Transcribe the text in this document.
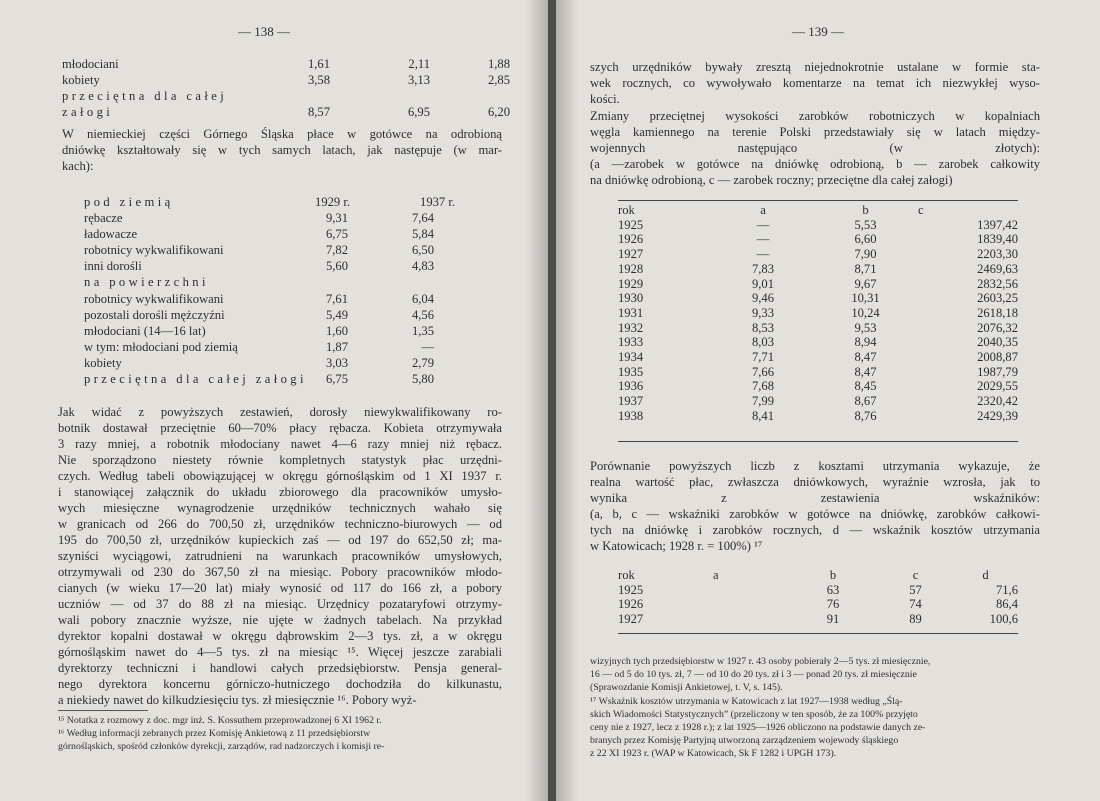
— 138 —
młodociani	1,61	2,11	1,88
kobiety	3,58	3,13	2,85
przeciętna dla całej
załogi	8,57	6,95	6,20
W niemieckiej części Górnego Śląska płace w gotówce na odrobioną
dniówkę kształtowały się w tych samych latach, jak następuje (w mar-
kach):
pod ziemią	1929 r.	1937 r.
rębacze	9,31	7,64
ładowacze	6,75	5,84
robotnicy wykwalifikowani	7,82	6,50
inni dorośli	5,60	4,83
na powierzchni
robotnicy wykwalifikowani	7,61	6,04
pozostali dorośli mężczyźni	5,49	4,56
młodociani (14—16 lat)	1,60	1,35
w tym: młodociani pod ziemią	1,87	—
kobiety	3,03	2,79
przeciętna dla całej załogi	6,75	5,80
Jak widać z powyższych zestawień, dorosły niewykwalifikowany ro-
botnik dostawał przeciętnie 60—70% płacy rębacza. Kobieta otrzymywała
3 razy mniej, a robotnik młodociany nawet 4—6 razy mniej niż rębacz.
Nie sporządzono niestety równie kompletnych statystyk płac urzędni-
czych. Według tabeli obowiązującej w okręgu górnośląskim od 1 XI 1937 r.
i stanowiącej załącznik do układu zbiorowego dla pracowników umysło-
wych miesięczne wynagrodzenie urzędników technicznych wahało się
w granicach od 266 do 700,50 zł, urzędników techniczno-biurowych — od
195 do 700,50 zł, urzędników kupieckich zaś — od 197 do 652,50 zł; ma-
szyniści wyciągowi, zatrudnieni na warunkach pracowników umysłowych,
otrzymywali od 230 do 367,50 zł na miesiąc. Pobory pracowników młodo-
cianych (w wieku 17—20 lat) miały wynosić od 117 do 166 zł, a pobory
uczniów — od 37 do 88 zł na miesiąc. Urzędnicy pozataryfowi otrzymy-
wali pobory znacznie wyższe, nie ujęte w żadnych tabelach. Na przykład
dyrektor kopalni dostawał w okręgu dąbrowskim 2—3 tys. zł, a w okręgu
górnośląskim nawet do 4—5 tys. zł na miesiąc ¹⁵. Więcej jeszcze zarabiali
dyrektorzy techniczni i handlowi całych przedsiębiorstw. Pensja general-
nego dyrektora koncernu górniczo-hutniczego dochodziła do kilkunastu,
a niekiedy nawet do kilkudziesięciu tys. zł miesięcznie ¹⁶. Pobory wyż-
¹⁵ Notatka z rozmowy z doc. mgr inż. S. Kossuthem przeprowadzonej 6 XI 1962 r.
¹⁶ Według informacji zebranych przez Komisję Ankietową z 11 przedsiębiorstw
górnośląskich, spośród członków dyrekcji, zarządów, rad nadzorczych i komisji re-
— 139 —
szych urzędników bywały zresztą niejednokrotnie ustalane w formie sta-
wek rocznych, co wywoływało komentarze na temat ich niezwykłej wyso-
kości.
Zmiany przeciętnej wysokości zarobków robotniczych w kopalniach
węgla kamiennego na terenie Polski przedstawiały się w latach między-
wojennych następująco (w złotych):
(a —zarobek w gotówce na dniówkę odrobioną, b — zarobek całkowity
na dniówkę odrobioną, c — zarobek roczny; przeciętne dla całej załogi)
rok	a	b	c
1925	—	5,53	1397,42
1926	—	6,60	1839,40
1927	—	7,90	2203,30
1928	7,83	8,71	2469,63
1929	9,01	9,67	2832,56
1930	9,46	10,31	2603,25
1931	9,33	10,24	2618,18
1932	8,53	9,53	2076,32
1933	8,03	8,94	2040,35
1934	7,71	8,47	2008,87
1935	7,66	8,47	1987,79
1936	7,68	8,45	2029,55
1937	7,99	8,67	2320,42
1938	8,41	8,76	2429,39
Porównanie powyższych liczb z kosztami utrzymania wykazuje, że
realna wartość płac, zwłaszcza dniówkowych, wyraźnie wzrosła, jak to
wynika z zestawienia wskaźników:
(a, b, c — wskaźniki zarobków w gotówce na dniówkę, zarobków całkowi-
tych na dniówkę i zarobków rocznych, d — wskaźnik kosztów utrzymania
w Katowicach; 1928 r. = 100%) ¹⁷
rok	a	b	c	d
1925		63	57	71,6
1926		76	74	86,4
1927		91	89	100,6
wizyjnych tych przedsiębiorstw w 1927 r. 43 osoby pobierały 2—5 tys. zł miesięcznie,
16 — od 5 do 10 tys. zł, 7 — od 10 do 20 tys. zł i 3 — ponad 20 tys. zł miesięcznie
(Sprawozdanie Komisji Ankietowej, t. V, s. 145).
¹⁷ Wskaźnik kosztów utrzymania w Katowicach z lat 1927—1938 według „Ślą-
skich Wiadomości Statystycznych” (przeliczony w ten sposób, że za 100% przyjęto
ceny nie z 1927, lecz z 1928 r.); z lat 1925—1926 obliczono na podstawie danych ze-
branych przez Komisję Partyjną utworzoną zarządzeniem wojewody śląskiego
z 22 XI 1923 r. (WAP w Katowicach, Sk F 1282 i UPGH 173).
